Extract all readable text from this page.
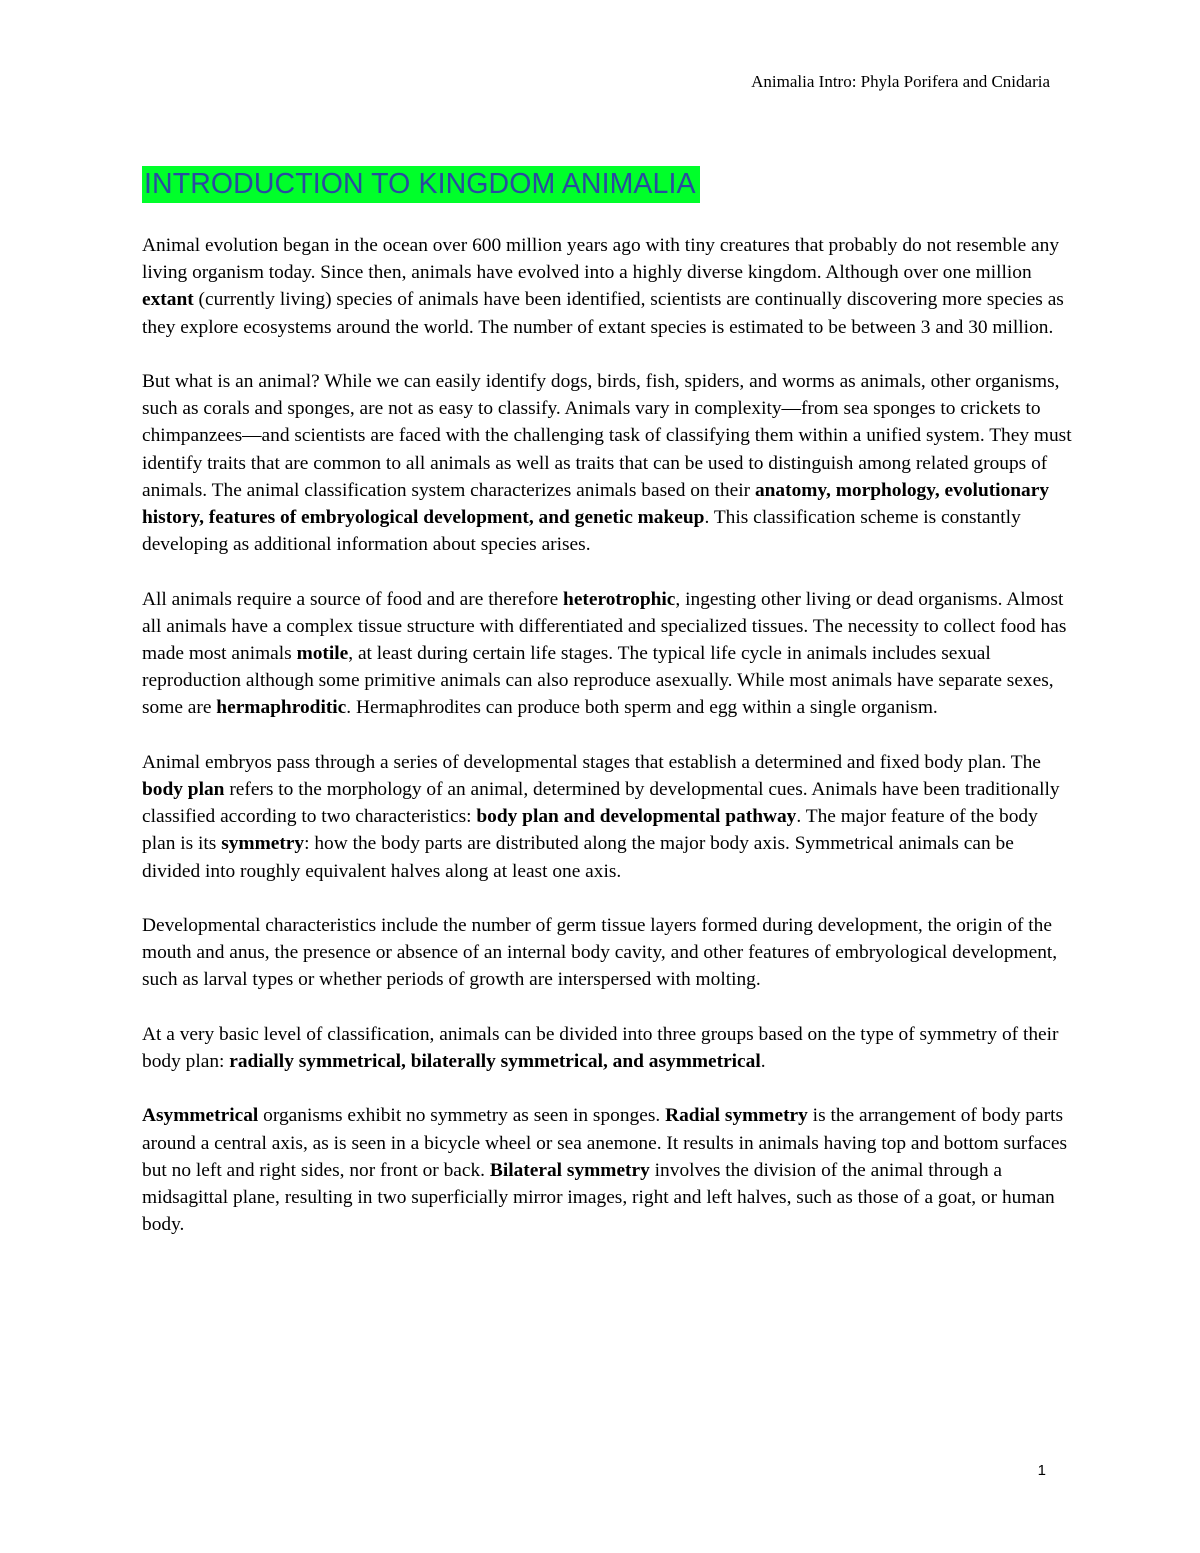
Animalia Intro: Phyla Porifera and Cnidaria
INTRODUCTION TO KINGDOM ANIMALIA

Animal evolution began in the ocean over 600 million years ago with tiny creatures that probably do not resemble any living organism today. Since then, animals have evolved into a highly diverse kingdom. Although over one million extant (currently living) species of animals have been identified, scientists are continually discovering more species as they explore ecosystems around the world. The number of extant species is estimated to be between 3 and 30 million.

But what is an animal? While we can easily identify dogs, birds, fish, spiders, and worms as animals, other organisms, such as corals and sponges, are not as easy to classify. Animals vary in complexity—from sea sponges to crickets to chimpanzees—and scientists are faced with the challenging task of classifying them within a unified system. They must identify traits that are common to all animals as well as traits that can be used to distinguish among related groups of animals. The animal classification system characterizes animals based on their anatomy, morphology, evolutionary history, features of embryological development, and genetic makeup. This classification scheme is constantly developing as additional information about species arises.

All animals require a source of food and are therefore heterotrophic, ingesting other living or dead organisms. Almost all animals have a complex tissue structure with differentiated and specialized tissues. The necessity to collect food has made most animals motile, at least during certain life stages. The typical life cycle in animals includes sexual reproduction although some primitive animals can also reproduce asexually. While most animals have separate sexes, some are hermaphroditic. Hermaphrodites can produce both sperm and egg within a single organism.

Animal embryos pass through a series of developmental stages that establish a determined and fixed body plan. The body plan refers to the morphology of an animal, determined by developmental cues. Animals have been traditionally classified according to two characteristics: body plan and developmental pathway. The major feature of the body plan is its symmetry: how the body parts are distributed along the major body axis. Symmetrical animals can be divided into roughly equivalent halves along at least one axis.

Developmental characteristics include the number of germ tissue layers formed during development, the origin of the mouth and anus, the presence or absence of an internal body cavity, and other features of embryological development, such as larval types or whether periods of growth are interspersed with molting.

At a very basic level of classification, animals can be divided into three groups based on the type of symmetry of their body plan: radially symmetrical, bilaterally symmetrical, and asymmetrical.

Asymmetrical organisms exhibit no symmetry as seen in sponges. Radial symmetry is the arrangement of body parts around a central axis, as is seen in a bicycle wheel or sea anemone. It results in animals having top and bottom surfaces but no left and right sides, nor front or back. Bilateral symmetry involves the division of the animal through a midsagittal plane, resulting in two superficially mirror images, right and left halves, such as those of a goat, or human body.

1
